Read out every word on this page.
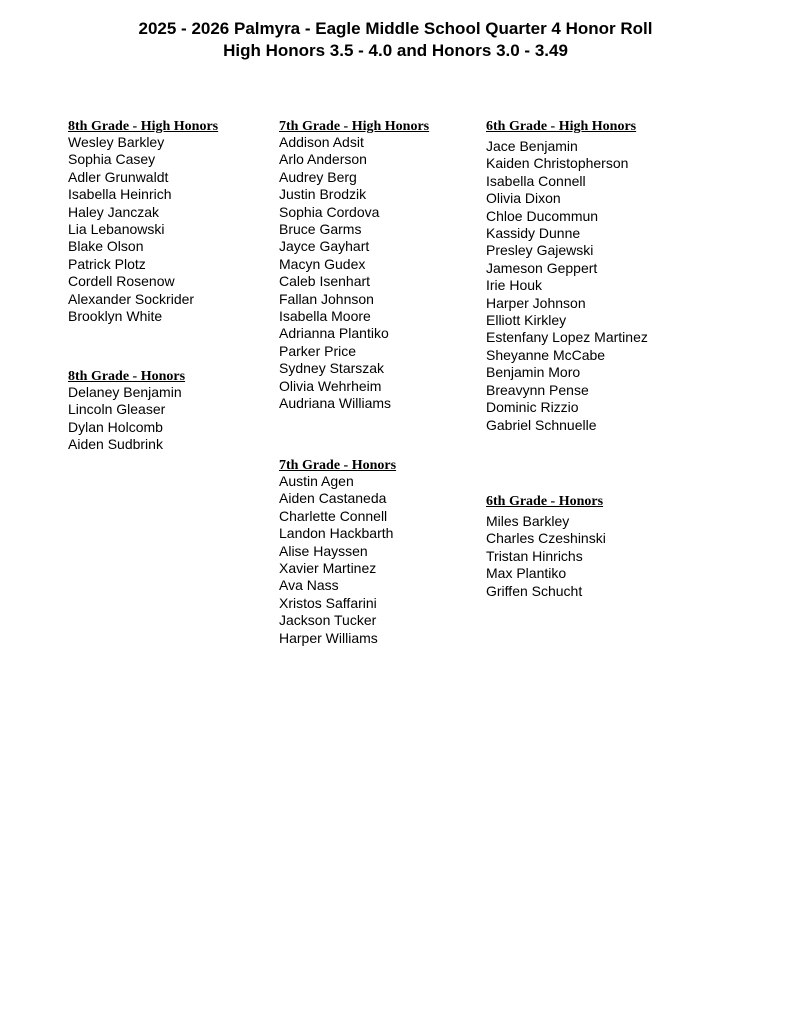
2025 - 2026 Palmyra - Eagle Middle School Quarter 4 Honor Roll
High Honors 3.5 - 4.0 and Honors 3.0 - 3.49
8th Grade - High Honors
Wesley Barkley
Sophia Casey
Adler Grunwaldt
Isabella Heinrich
Haley Janczak
Lia Lebanowski
Blake Olson
Patrick Plotz
Cordell Rosenow
Alexander Sockrider
Brooklyn White
8th Grade - Honors
Delaney Benjamin
Lincoln Gleaser
Dylan Holcomb
Aiden Sudbrink
7th Grade - High Honors
Addison Adsit
Arlo Anderson
Audrey Berg
Justin Brodzik
Sophia Cordova
Bruce Garms
Jayce Gayhart
Macyn Gudex
Caleb Isenhart
Fallan Johnson
Isabella Moore
Adrianna Plantiko
Parker Price
Sydney Starszak
Olivia Wehrheim
Audriana Williams
7th Grade - Honors
Austin Agen
Aiden Castaneda
Charlette Connell
Landon Hackbarth
Alise Hayssen
Xavier Martinez
Ava Nass
Xristos Saffarini
Jackson Tucker
Harper Williams
6th Grade - High Honors
Jace Benjamin
Kaiden Christopherson
Isabella Connell
Olivia Dixon
Chloe Ducommun
Kassidy Dunne
Presley Gajewski
Jameson Geppert
Irie Houk
Harper Johnson
Elliott Kirkley
Estenfany Lopez Martinez
Sheyanne McCabe
Benjamin Moro
Breavynn Pense
Dominic Rizzio
Gabriel Schnuelle
6th Grade - Honors
Miles Barkley
Charles Czeshinski
Tristan Hinrichs
Max Plantiko
Griffen Schucht
